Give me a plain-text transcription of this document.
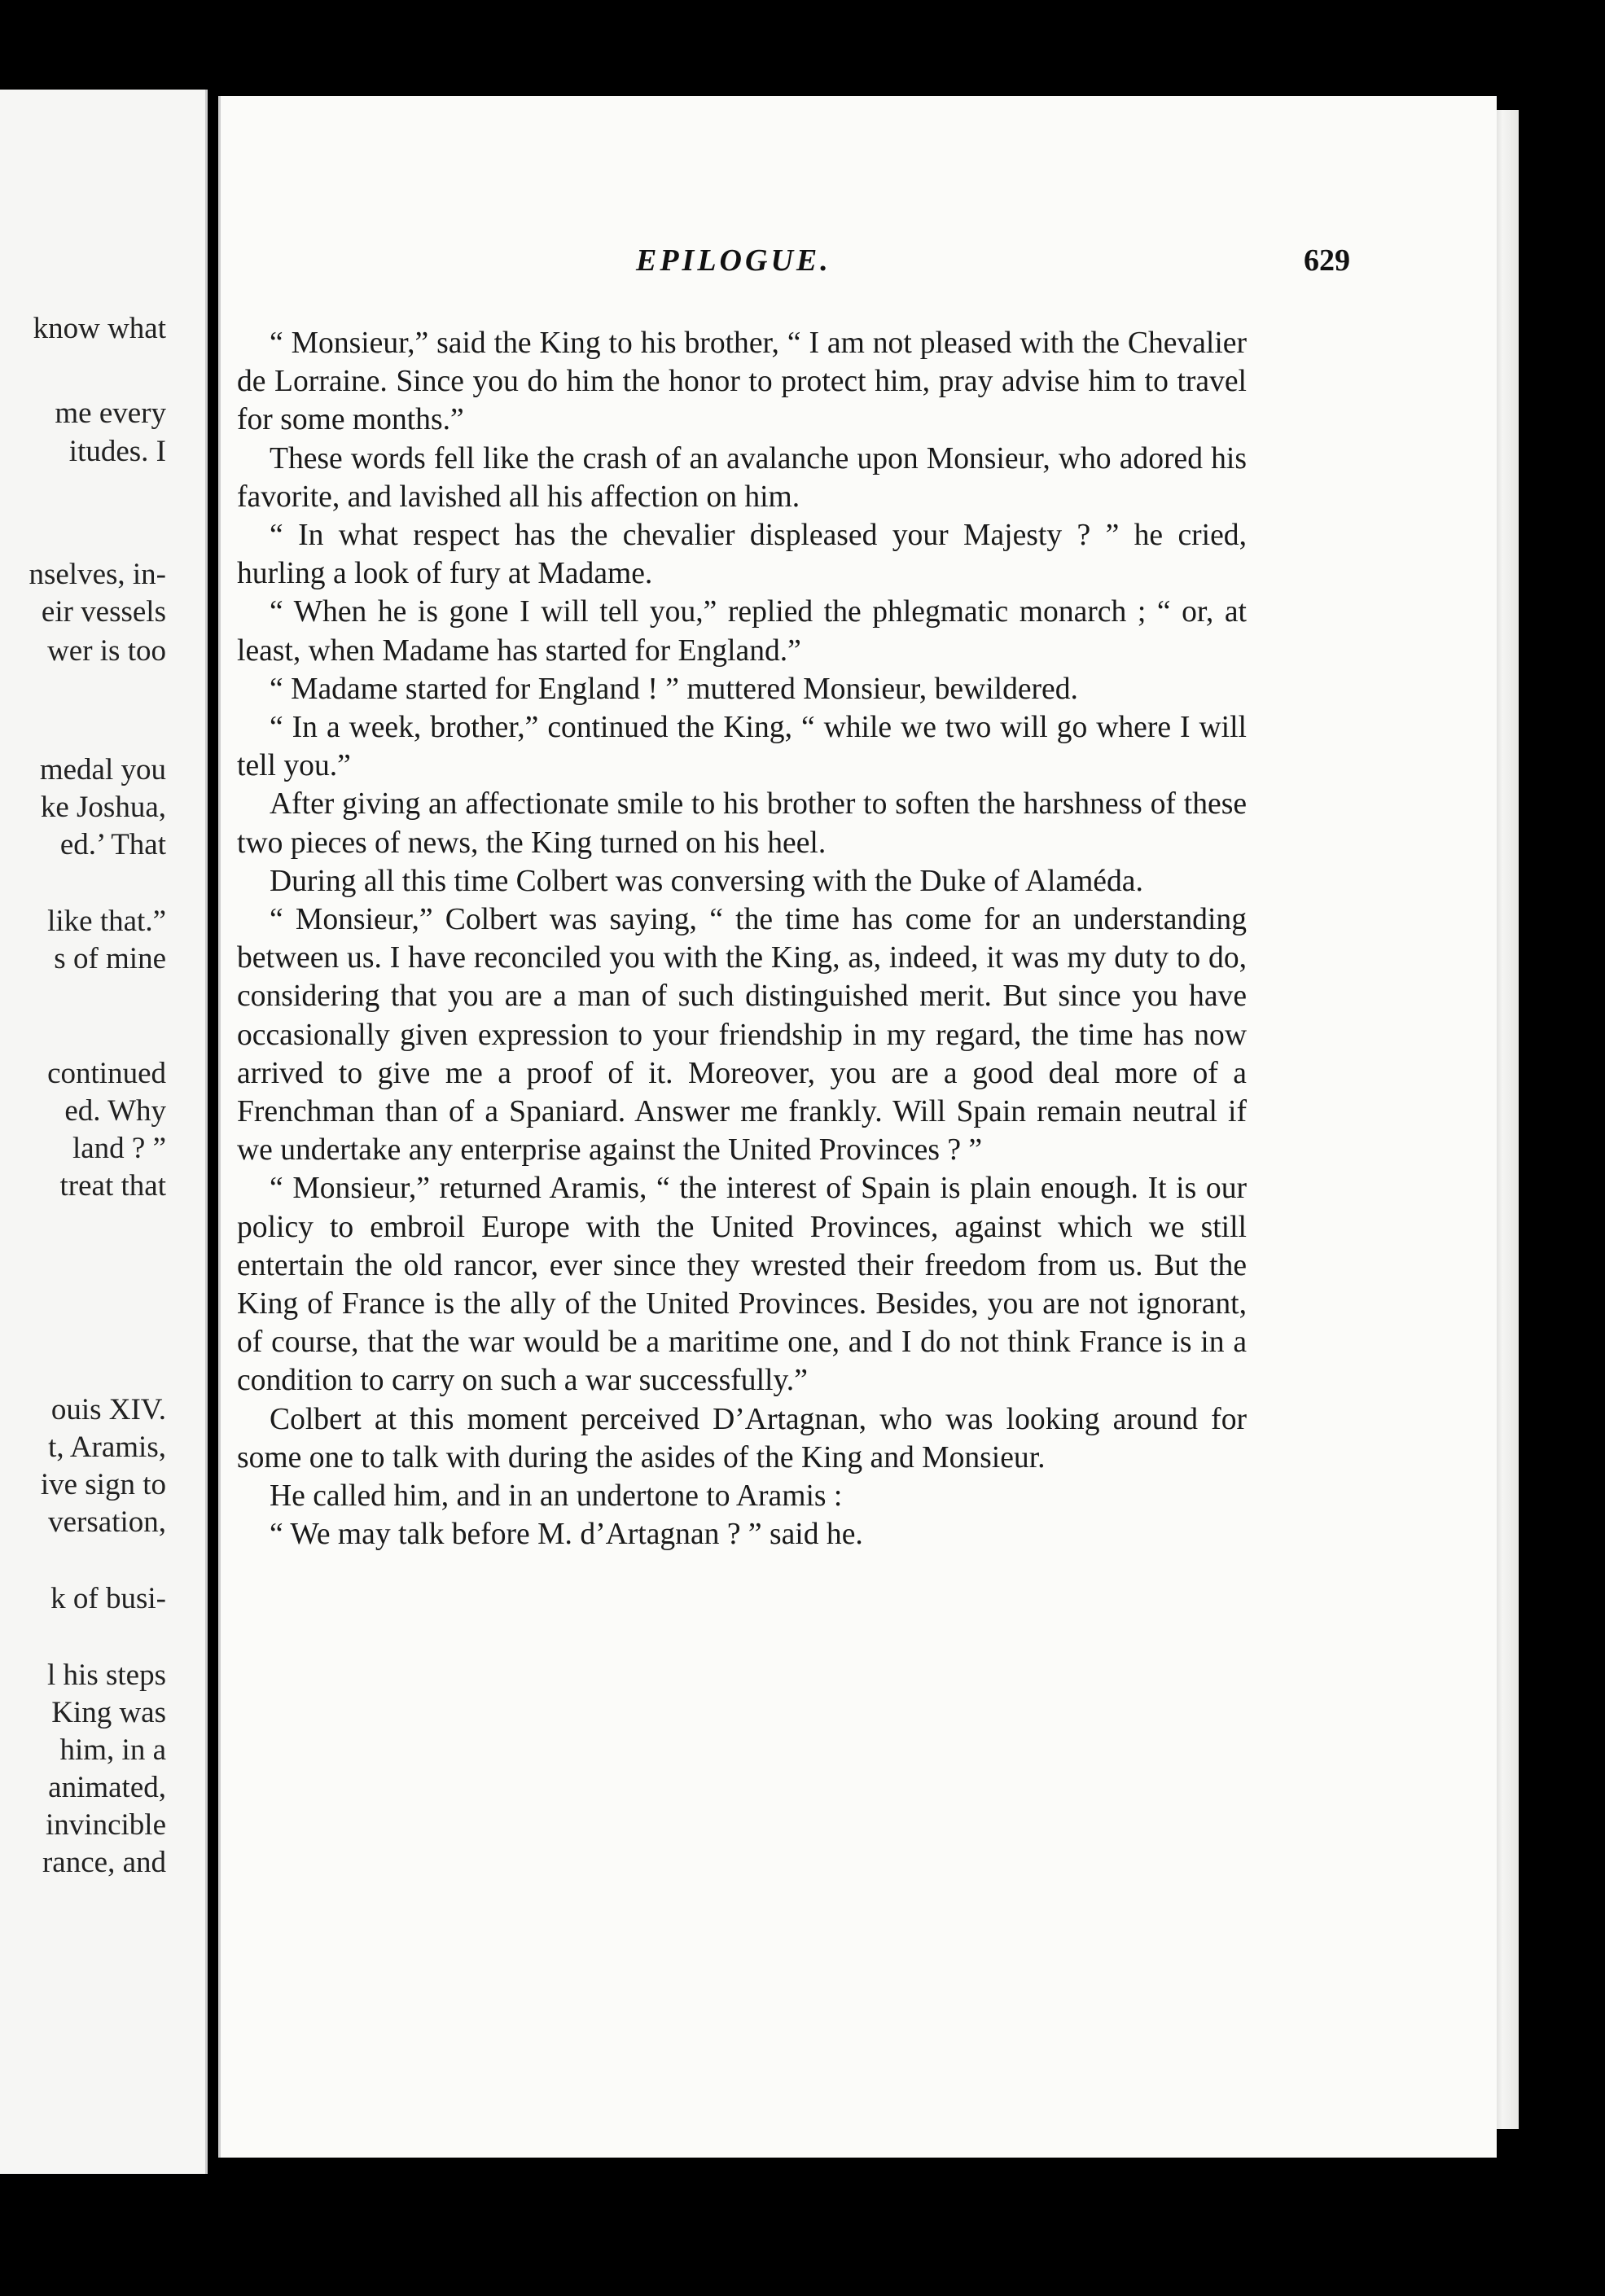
know what
me every
itudes. I
nselves, in-
eir vessels
wer is too
medal you
ke Joshua,
ed.’ That
like that.”
s of mine
continued
ed. Why
land ? ”
treat that
ouis XIV.
t, Aramis,
ive sign to
versation,
k of busi-
l his steps
King was
him, in a
animated,
invincible
rance, and
EPILOGUE.	629

“ Monsieur,” said the King to his brother, “ I am not pleased with the Chevalier de Lorraine. Since you do him the honor to protect him, pray advise him to travel for some months.”

These words fell like the crash of an avalanche upon Monsieur, who adored his favorite, and lavished all his affection on him.

“ In what respect has the chevalier displeased your Majesty ? ” he cried, hurling a look of fury at Madame.

“ When he is gone I will tell you,” replied the phlegmatic monarch ; “ or, at least, when Madame has started for England.”

“ Madame started for England ! ” muttered Monsieur, bewildered.

“ In a week, brother,” continued the King, “ while we two will go where I will tell you.”

After giving an affectionate smile to his brother to soften the harshness of these two pieces of news, the King turned on his heel.

During all this time Colbert was conversing with the Duke of Alaméda.

“ Monsieur,” Colbert was saying, “ the time has come for an understanding between us. I have reconciled you with the King, as, indeed, it was my duty to do, considering that you are a man of such distinguished merit. But since you have occasionally given expression to your friendship in my regard, the time has now arrived to give me a proof of it. Moreover, you are a good deal more of a Frenchman than of a Spaniard. Answer me frankly. Will Spain remain neutral if we undertake any enterprise against the United Provinces ? ”

“ Monsieur,” returned Aramis, “ the interest of Spain is plain enough. It is our policy to embroil Europe with the United Provinces, against which we still entertain the old rancor, ever since they wrested their freedom from us. But the King of France is the ally of the United Provinces. Besides, you are not ignorant, of course, that the war would be a maritime one, and I do not think France is in a condition to carry on such a war successfully.”

Colbert at this moment perceived D’Artagnan, who was looking around for some one to talk with during the asides of the King and Monsieur.

He called him, and in an undertone to Aramis :

“ We may talk before M. d’Artagnan ? ” said he.
